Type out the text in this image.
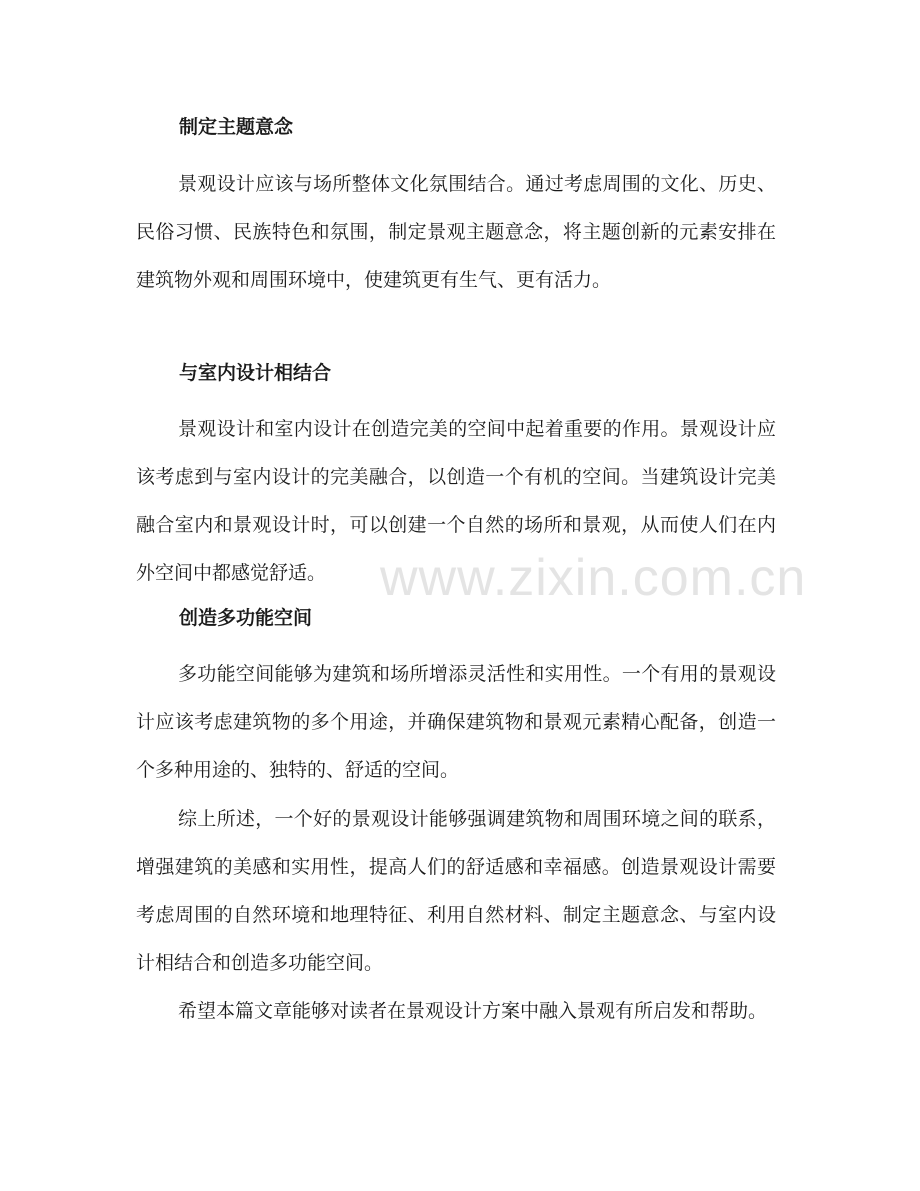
www.zixin.com.cn
制定主题意念
景观设计应该与场所整体文化氛围结合。通过考虑周围的文化、历史、民俗习惯、民族特色和氛围，制定景观主题意念，将主题创新的元素安排在建筑物外观和周围环境中，使建筑更有生气、更有活力。
与室内设计相结合
景观设计和室内设计在创造完美的空间中起着重要的作用。景观设计应该考虑到与室内设计的完美融合，以创造一个有机的空间。当建筑设计完美融合室内和景观设计时，可以创建一个自然的场所和景观，从而使人们在内外空间中都感觉舒适。
创造多功能空间
多功能空间能够为建筑和场所增添灵活性和实用性。一个有用的景观设计应该考虑建筑物的多个用途，并确保建筑物和景观元素精心配备，创造一个多种用途的、独特的、舒适的空间。
综上所述，一个好的景观设计能够强调建筑物和周围环境之间的联系，增强建筑的美感和实用性，提高人们的舒适感和幸福感。创造景观设计需要考虑周围的自然环境和地理特征、利用自然材料、制定主题意念、与室内设计相结合和创造多功能空间。
希望本篇文章能够对读者在景观设计方案中融入景观有所启发和帮助。
